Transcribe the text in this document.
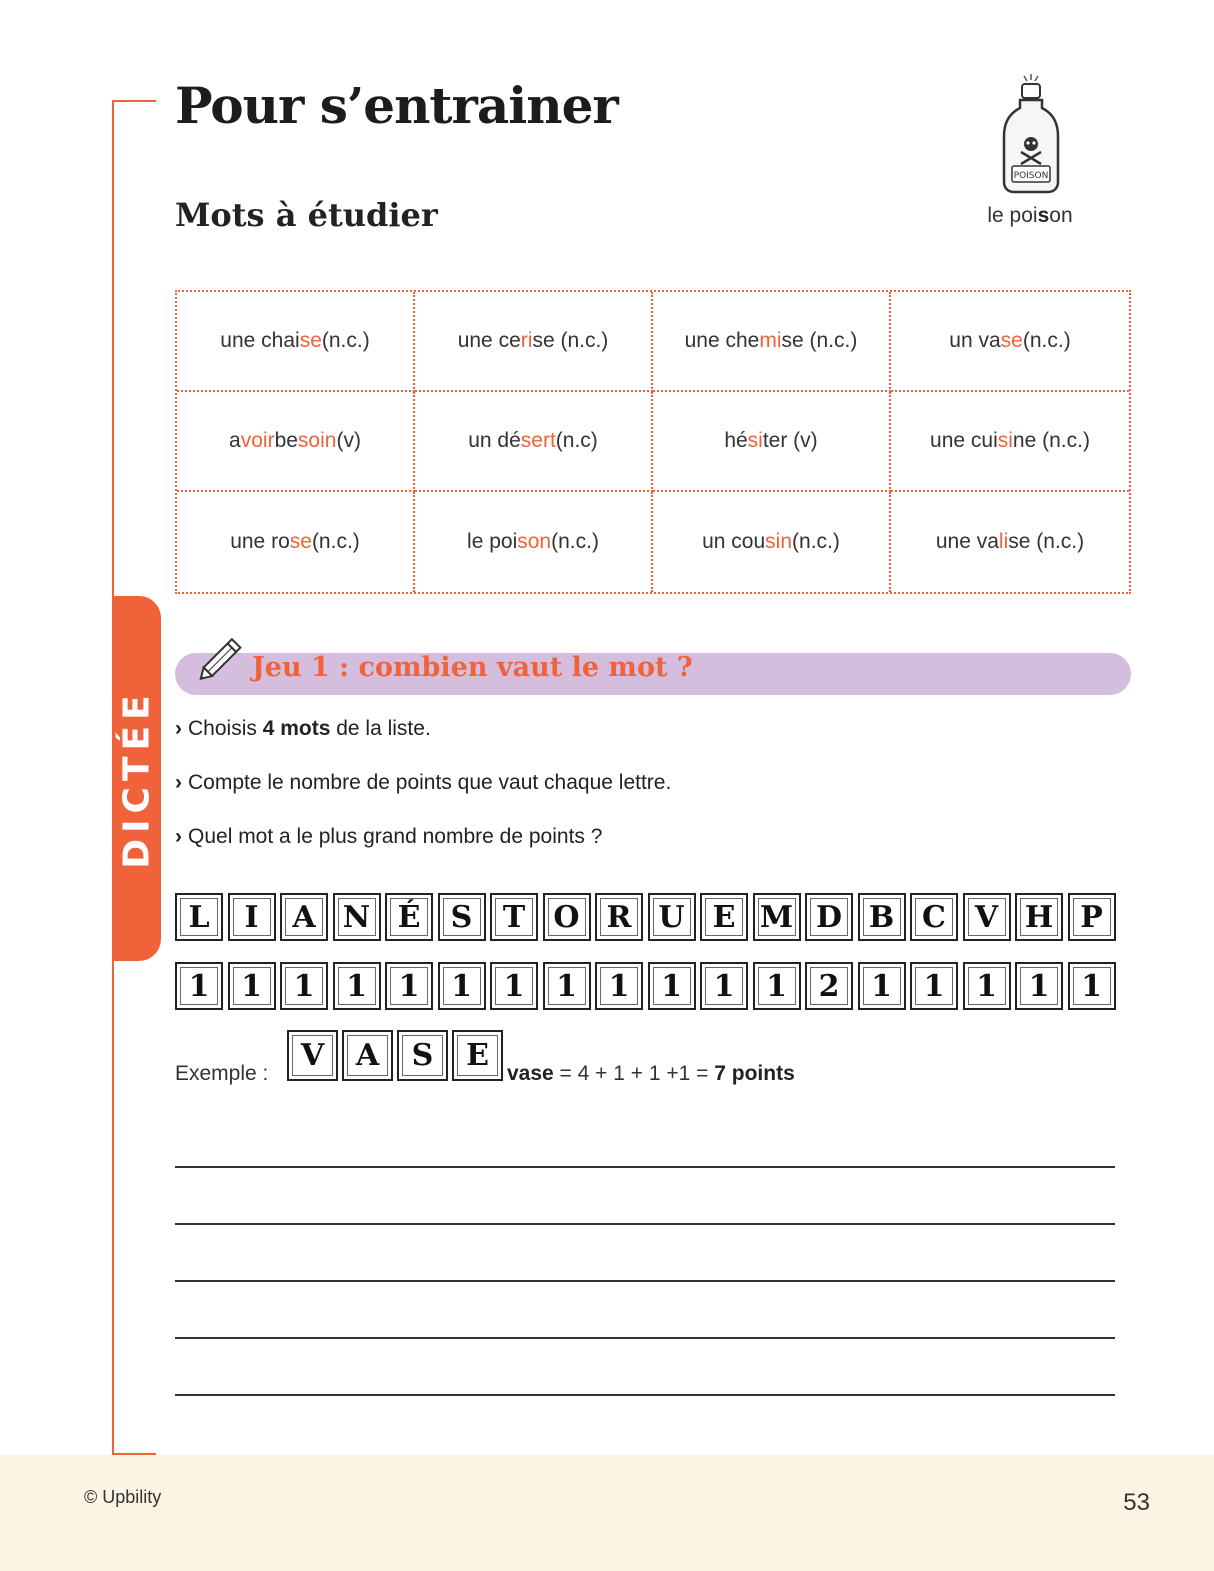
DICTÉE
Pour s’entrainer
Mots à étudier
POISON
le poison
une chai se (n.c.)	une ce ri se (n.c.)	une che mi se (n.c.)	un va se (n.c.)
a voir be soin (v)	un dé sert (n.c)	hé si ter (v)	une cui si ne (n.c.)
une ro se (n.c.)	le poi son (n.c.)	un cou sin (n.c.)	une va li se (n.c.)
Jeu 1 : combien vaut le mot ?
› Choisis 4 mots de la liste.
› Compte le nombre de points que vaut chaque lettre.
› Quel mot a le plus grand nombre de points ?
L I A N É S T O R U E M D B C V H P
1 1 1 1 1 1 1 1 1 1 1 1 2 1 1 1 1 1
Exemple :
V A S E
vase = 4 + 1 + 1 +1 = 7 points
© Upbility	53
